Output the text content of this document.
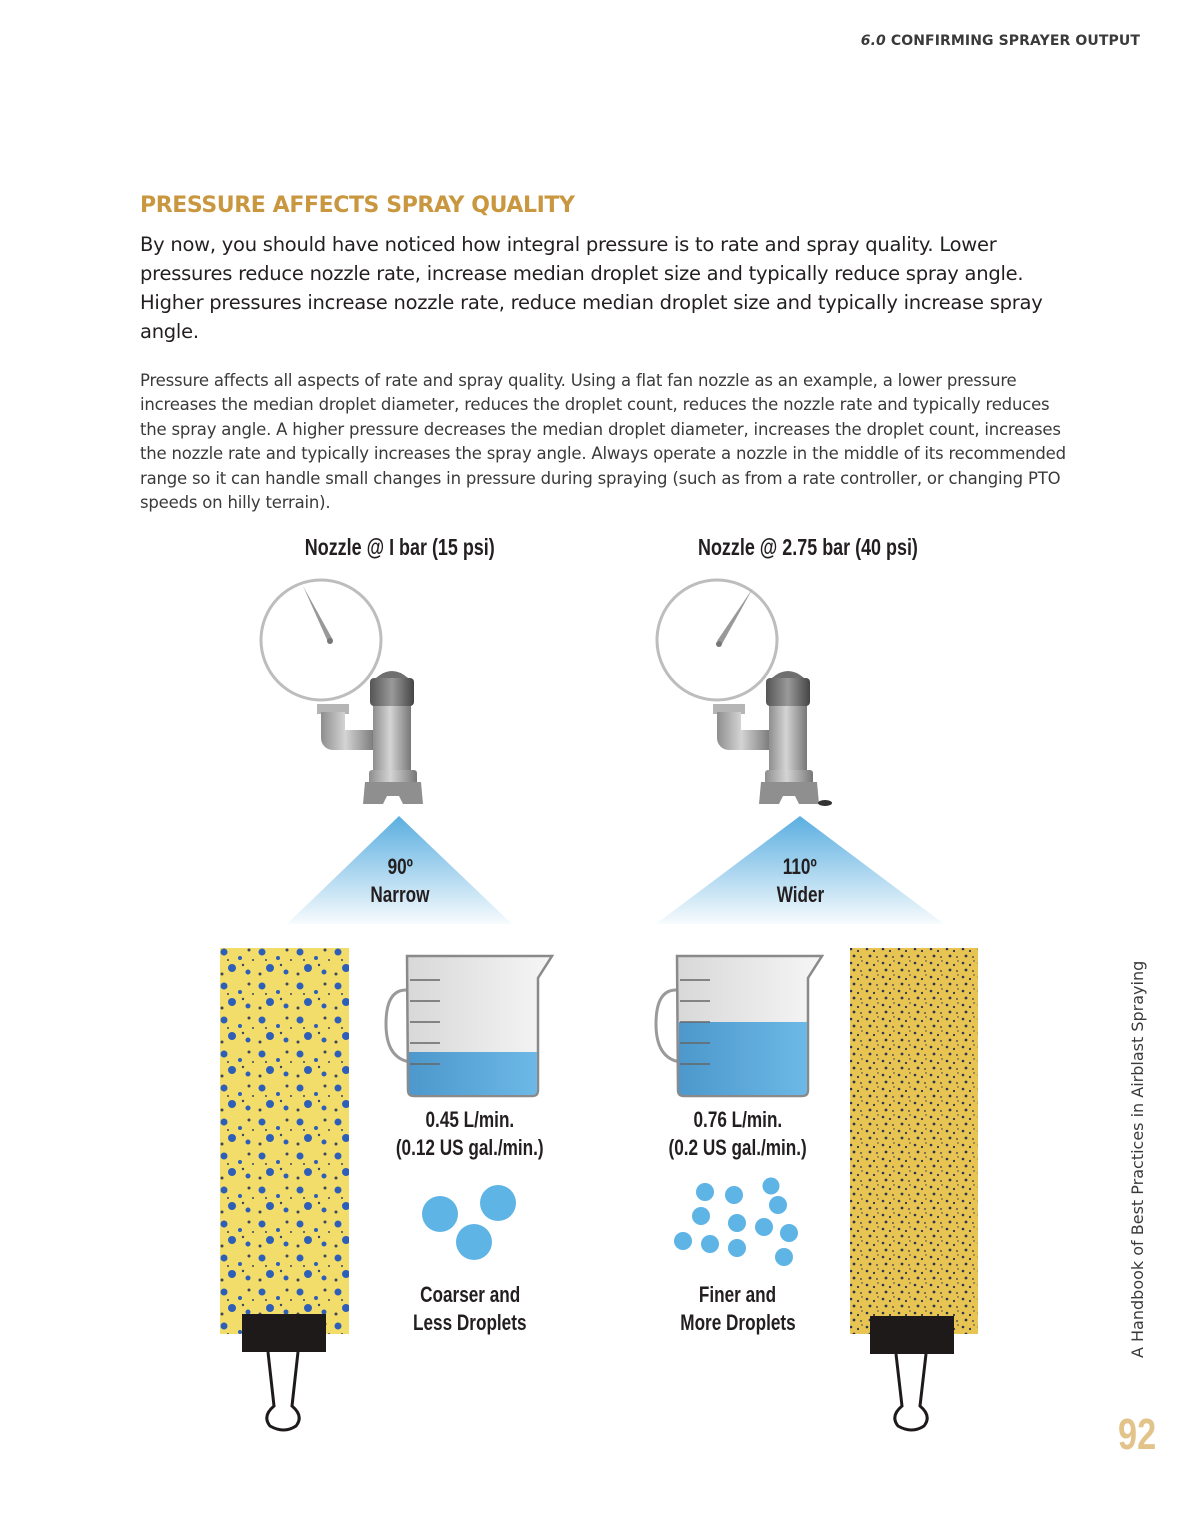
6.0 CONFIRMING SPRAYER OUTPUT
PRESSURE AFFECTS SPRAY QUALITY
By now, you should have noticed how integral pressure is to rate and spray quality. Lower pressures reduce nozzle rate, increase median droplet size and typically reduce spray angle. Higher pressures increase nozzle rate, reduce median droplet size and typically increase spray angle.
Pressure affects all aspects of rate and spray quality. Using a flat fan nozzle as an example, a lower pressure increases the median droplet diameter, reduces the droplet count, reduces the nozzle rate and typically reduces the spray angle. A higher pressure decreases the median droplet diameter, increases the droplet count, increases the nozzle rate and typically increases the spray angle. Always operate a nozzle in the middle of its recommended range so it can handle small changes in pressure during spraying (such as from a rate controller, or changing PTO speeds on hilly terrain).
Nozzle @ I bar (15 psi)	Nozzle @ 2.75 bar (40 psi)
90º
Narrow
110º
Wider
0.45 L/min.
(0.12 US gal./min.)
0.76 L/min.
(0.2 US gal./min.)
Coarser and
Less Droplets
Finer and
More Droplets	A Handbook of Best Practices in Airblast Spraying
92
